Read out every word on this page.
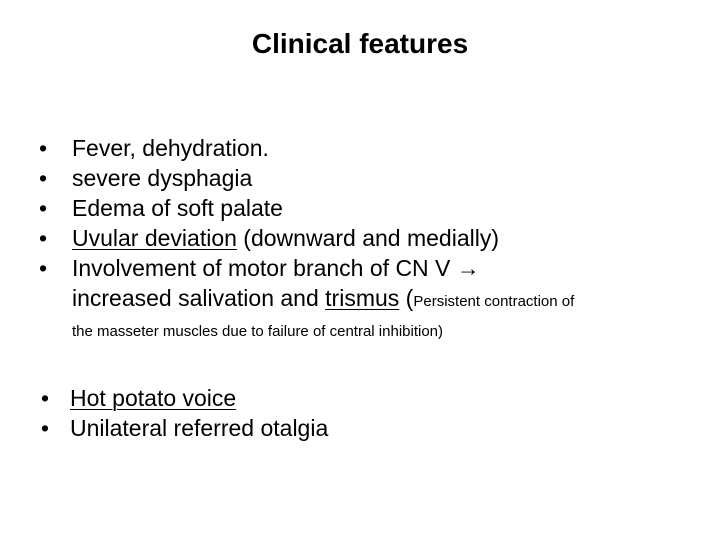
Clinical features
• Fever, dehydration.
• severe dysphagia
• Edema of soft palate
• Uvular deviation (downward and medially)
• Involvement of motor branch of CN V →
increased salivation and trismus (Persistent contraction of
the masseter muscles due to failure of central inhibition)
• Hot potato voice
• Unilateral referred otalgia
